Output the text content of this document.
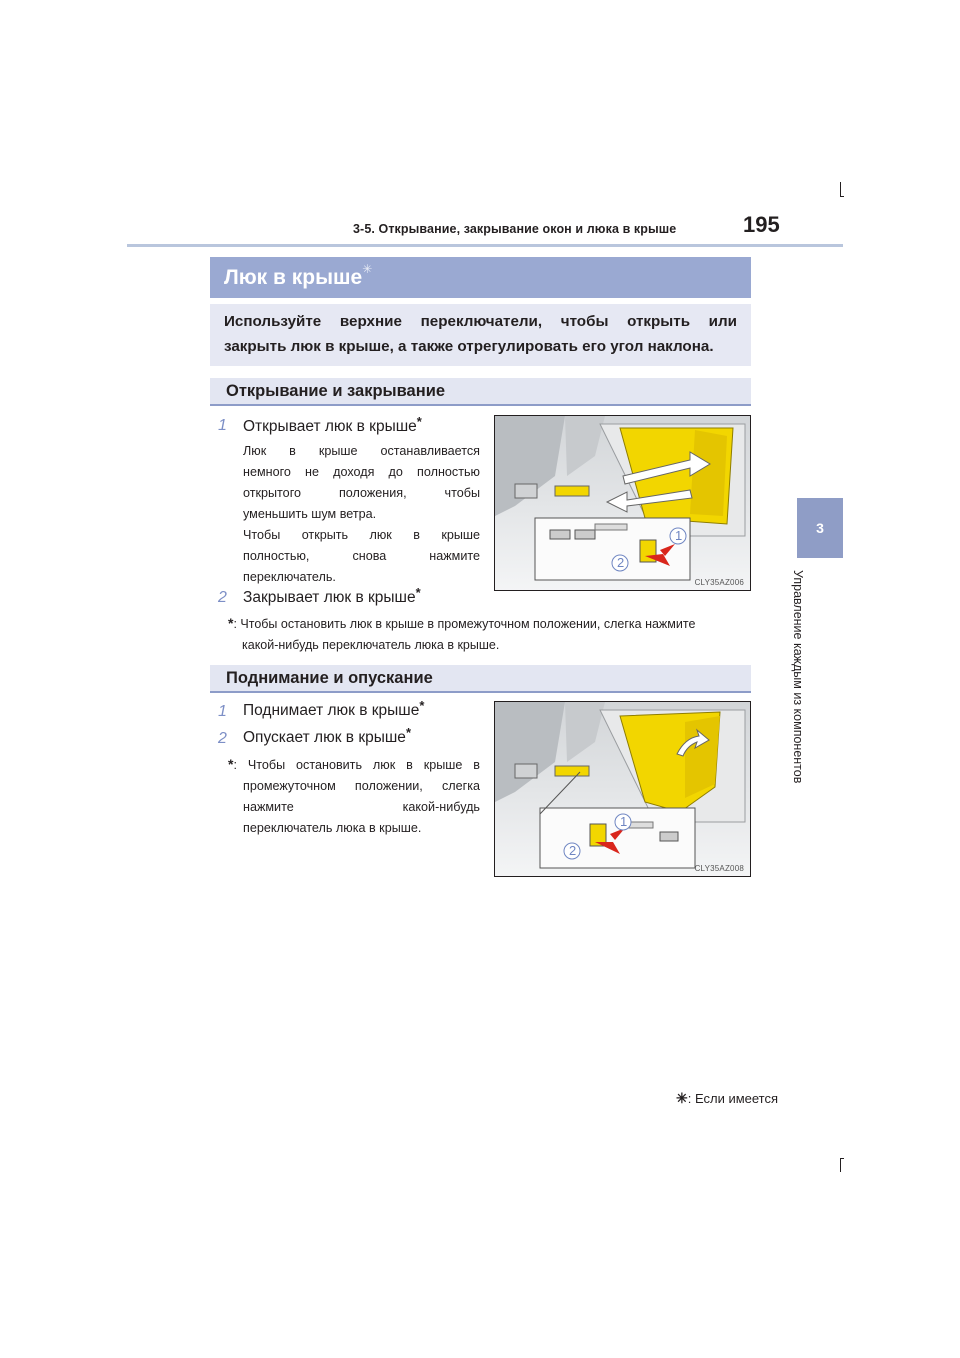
3-5. Открывание, закрывание окон и люка в крыше	195
3
Управление каждым из компонентов
Люк в крыше✳
Используйте верхние переключатели, чтобы открыть или
закрыть люк в крыше, а также отрегулировать его угол наклона.
Открывание и закрывание
1	Открывает люк в крыше*
Люк в крыше останавливается
немного не доходя до полностью
открытого положения, чтобы
уменьшить шум ветра.
Чтобы открыть люк в крыше
полностью, снова нажмите
переключатель.
2	Закрывает люк в крыше*
*: Чтобы остановить люк в крыше в промежуточном положении, слегка нажмите
какой-нибудь переключатель люка в крыше.
1
2
CLY35AZ006
Поднимание и опускание
1	Поднимает люк в крыше*
2	Опускает люк в крыше*
*: Чтобы остановить люк в крыше в
промежуточном положении, слегка
нажмите какой-нибудь
переключатель люка в крыше.	1
2
CLY35AZ008
✳: Если имеется
